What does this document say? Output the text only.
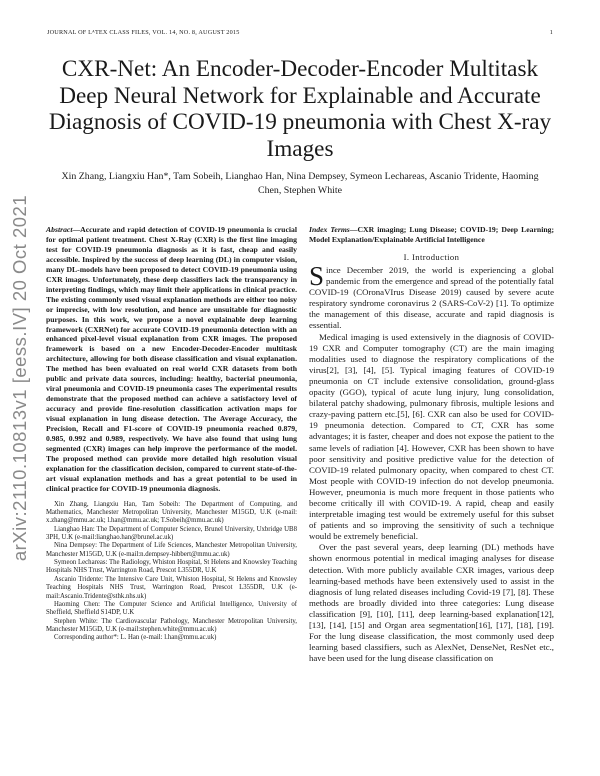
JOURNAL OF LᴬTEX CLASS FILES, VOL. 14, NO. 8, AUGUST 2015	1
arXiv:2110.10813v1 [eess.IV] 20 Oct 2021
CXR-Net: An Encoder-Decoder-Encoder Multitask Deep Neural Network for Explainable and Accurate Diagnosis of COVID-19 pneumonia with Chest X-ray Images
Xin Zhang, Liangxiu Han*, Tam Sobeih, Lianghao Han, Nina Dempsey, Symeon Lechareas, Ascanio Tridente, Haoming Chen, Stephen White

Abstract—Accurate and rapid detection of COVID-19 pneumonia is crucial for optimal patient treatment. Chest X-Ray (CXR) is the first line imaging test for COVID-19 pneumonia diagnosis as it is fast, cheap and easily accessible. Inspired by the success of deep learning (DL) in computer vision, many DL-models have been proposed to detect COVID-19 pneumonia using CXR images. Unfortunately, these deep classifiers lack the transparency in interpreting findings, which may limit their applications in clinical practice. The existing commonly used visual explanation methods are either too noisy or imprecise, with low resolution, and hence are unsuitable for diagnostic purposes. In this work, we propose a novel explainable deep learning framework (CXRNet) for accurate COVID-19 pneumonia detection with an enhanced pixel-level visual explanation from CXR images. The proposed framework is based on a new Encoder-Decoder-Encoder multitask architecture, allowing for both disease classification and visual explanation. The method has been evaluated on real world CXR datasets from both public and private data sources, including: healthy, bacterial pneumonia, viral pneumonia and COVID-19 pneumonia cases The experimental results demonstrate that the proposed method can achieve a satisfactory level of accuracy and provide fine-resolution classification activation maps for visual explanation in lung disease detection. The Average Accuracy, the Precision, Recall and F1-score of COVID-19 pneumonia reached 0.879, 0.985, 0.992 and 0.989, respectively. We have also found that using lung segmented (CXR) images can help improve the performance of the model. The proposed method can provide more detailed high resolution visual explanation for the classification decision, compared to current state-of-the-art visual explanation methods and has a great potential to be used in clinical practice for COVID-19 pneumonia diagnosis.

Xin Zhang, Liangxiu Han, Tam Sobeih: The Department of Computing, and Mathematics, Manchester Metropolitan University, Manchester M15GD, U.K (e-mail: x.zhang@mmu.ac.uk; l.han@mmu.ac.uk; T.Sobeih@mmu.ac.uk)

Lianghao Han: The Department of Computer Science, Brunel University, Uxbridge UB8 3PH, U.K (e-mail:lianghao.han@brunel.ac.uk)

Nina Dempsey: The Department of Life Sciences, Manchester Metropolitan University, Manchester M15GD, U.K (e-mail:n.dempsey-hibbert@mmu.ac.uk)

Symeon Lechareas: The Radiology, Whiston Hospital, St Helens and Knowsley Teaching Hospitals NHS Trust, Warrington Road, Prescot L355DR, U.K

Ascanio Tridente: The Intensive Care Unit, Whiston Hospital, St Helens and Knowsley Teaching Hospitals NHS Trust, Warrington Road, Prescot L355DR, U.K (e-mail:Ascanio.Tridente@sthk.nhs.uk)

Haoming Chen: The Computer Science and Artificial Intelligence, University of Sheffield, Sheffield S14DP, U.K

Stephen White: The Cardiovascular Pathology, Manchester Metropolitan University, Manchester M15GD, U.K (e-mail:stephen.white@mmu.ac.uk)

Corresponding author*: L. Han (e-mail: l.han@mmu.ac.uk)

Index Terms—CXR imaging; Lung Disease; COVID-19; Deep Learning; Model Explanation/Explainable Artificial Intelligence

I. Introduction

Since December 2019, the world is experiencing a global pandemic from the emergence and spread of the potentially fatal COVID-19 (COronaVIrus Disease 2019) caused by severe acute respiratory syndrome coronavirus 2 (SARS-CoV-2) [1]. To optimize the management of this disease, accurate and rapid diagnosis is essential.

Medical imaging is used extensively in the diagnosis of COVID-19 CXR and Computer tomography (CT) are the main imaging modalities used to diagnose the respiratory complications of the virus[2], [3], [4], [5]. Typical imaging features of COVID-19 pneumonia on CT include extensive consolidation, ground-glass opacity (GGO), typical of acute lung injury, lung consolidation, bilateral patchy shadowing, pulmonary fibrosis, multiple lesions and crazy-paving pattern etc.[5], [6]. CXR can also be used for COVID-19 pneumonia detection. Compared to CT, CXR has some advantages; it is faster, cheaper and does not expose the patient to the same levels of radiation [4]. However, CXR has been shown to have poor sensitivity and positive predictive value for the detection of COVID-19 related pulmonary opacity, when compared to chest CT. Most people with COVID-19 infection do not develop pneumonia. However, pneumonia is much more frequent in those patients who become critically ill with COVID-19. A rapid, cheap and easily interpretable imaging test would be extremely useful for this subset of patients and so improving the sensitivity of such a technique would be extremely beneficial.

Over the past several years, deep learning (DL) methods have shown enormous potential in medical imaging analyses for disease detection. With more publicly available CXR images, various deep learning-based methods have been extensively used to assist in the diagnosis of lung related diseases including Covid-19 [7], [8]. These methods are broadly divided into three categories: Lung disease classification [9], [10], [11], deep learning-based explanation[12], [13], [14], [15] and Organ area segmentation[16], [17], [18], [19]. For the lung disease classification, the most commonly used deep learning based classifiers, such as AlexNet, DenseNet, ResNet etc., have been used for the lung disease classification on
